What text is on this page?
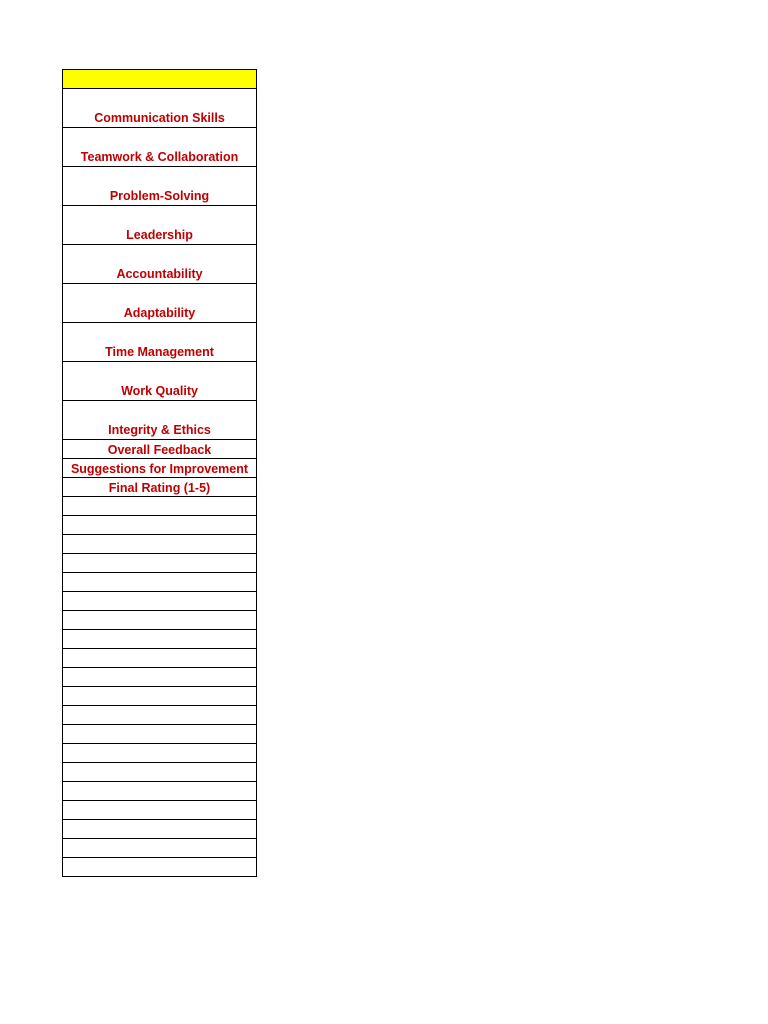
Communication Skills
Teamwork & Collaboration
Problem-Solving
Leadership
Accountability
Adaptability
Time Management
Work Quality
Integrity & Ethics
Overall Feedback
Suggestions for Improvement
Final Rating (1-5)
